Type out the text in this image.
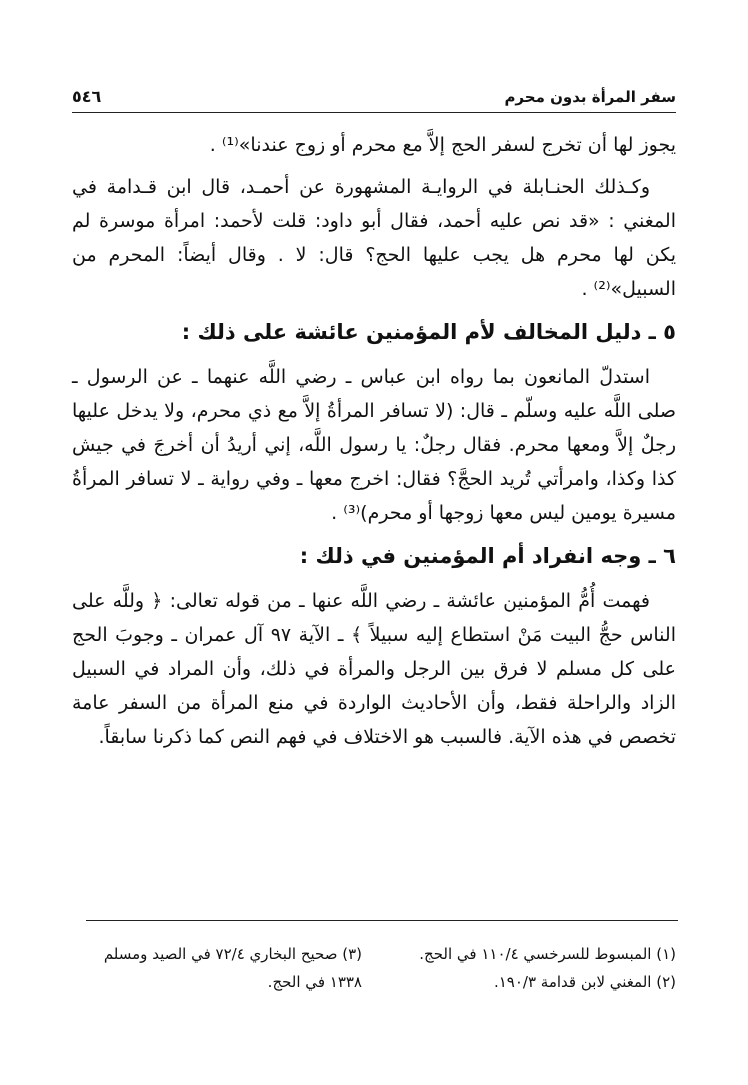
سفر المرأة بدون محرم
٥٤٦

يجوز لها أن تخرج لسفر الحج إلاَّ مع محرم أو زوج عندنا»⁽¹⁾ .

وكـذلك الحنـابلة في الروايـة المشهورة عن أحمـد، قال ابن قـدامة في المغني : «قد نص عليه أحمد، فقال أبو داود: قلت لأحمد: امرأة موسرة لم يكن لها محرم هل يجب عليها الحج؟ قال: لا . وقال أيضاً: المحرم من السبيل»⁽²⁾ .

٥ ـ دليل المخالف لأم المؤمنين عائشة على ذلك :

استدلّ المانعون بما رواه ابن عباس ـ رضي اللَّه عنهما ـ عن الرسول ـ صلى اللَّه عليه وسلّم ـ قال: (لا تسافر المرأةُ إلاَّ مع ذي محرم، ولا يدخل عليها رجلٌ إلاَّ ومعها محرم. فقال رجلٌ: يا رسول اللَّه، إني أريدُ أن أخرجَ في جيش كذا وكذا، وامرأتي تُريد الحجَّ؟ فقال: اخرج معها ـ وفي رواية ـ لا تسافر المرأةُ مسيرة يومين ليس معها زوجها أو محرم)⁽³⁾ .

٦ ـ وجه انفراد أم المؤمنين في ذلك :

فهمت أُمُّ المؤمنين عائشة ـ رضي اللَّه عنها ـ من قوله تعالى: ﴿ وللَّه على الناس حجُّ البيت مَنْ استطاع إليه سبيلاً ﴾ ـ الآية ٩٧ آل عمران ـ وجوبَ الحج على كل مسلم لا فرق بين الرجل والمرأة في ذلك، وأن المراد في السبيل الزاد والراحلة فقط، وأن الأحاديث الواردة في منع المرأة من السفر عامة تخصص في هذه الآية. فالسبب هو الاختلاف في فهم النص كما ذكرنا سابقاً.

(١) المبسوط للسرخسي ١١٠/٤ في الحج.
(٢) المغني لابن قدامة ١٩٠/٣.
(٣) صحيح البخاري ٧٢/٤ في الصيد ومسلم
١٣٣٨ في الحج.
